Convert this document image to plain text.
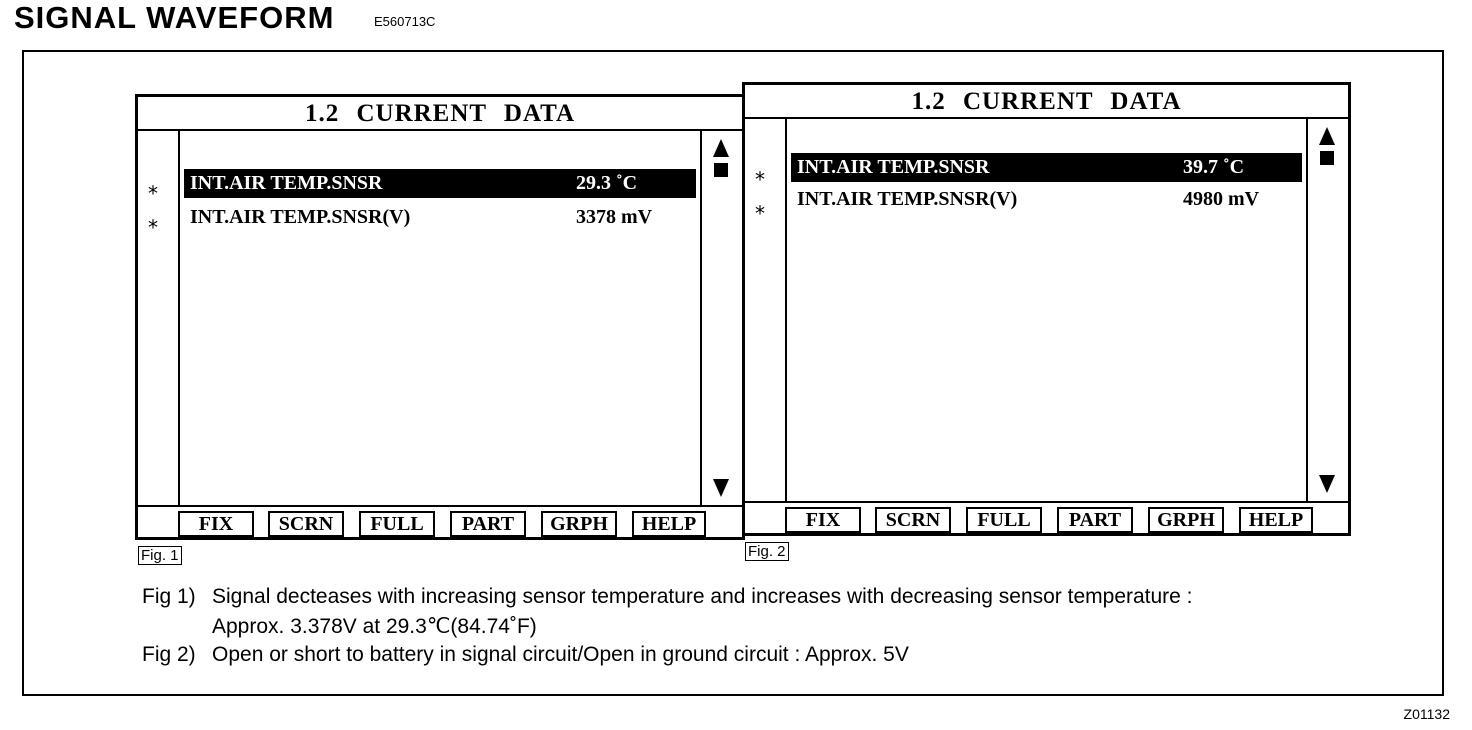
SIGNAL WAVEFORM	E560713C
1.2 CURRENT DATA
⁎
⁎
INT.AIR TEMP.SNSR	29.3 ˚C
INT.AIR TEMP.SNSR(V)	3378 mV
FIX	SCRN	FULL	PART	GRPH	HELP
Fig. 1
1.2 CURRENT DATA
⁎
⁎
INT.AIR TEMP.SNSR	39.7 ˚C
INT.AIR TEMP.SNSR(V)	4980 mV
FIX	SCRN	FULL	PART	GRPH	HELP
Fig. 2
Fig 1) Signal decteases with increasing sensor temperature and increases with decreasing sensor temperature :
Approx. 3.378V at 29.3℃(84.74˚F)
Fig 2) Open or short to battery in signal circuit/Open in ground circuit : Approx. 5V
Z01132
